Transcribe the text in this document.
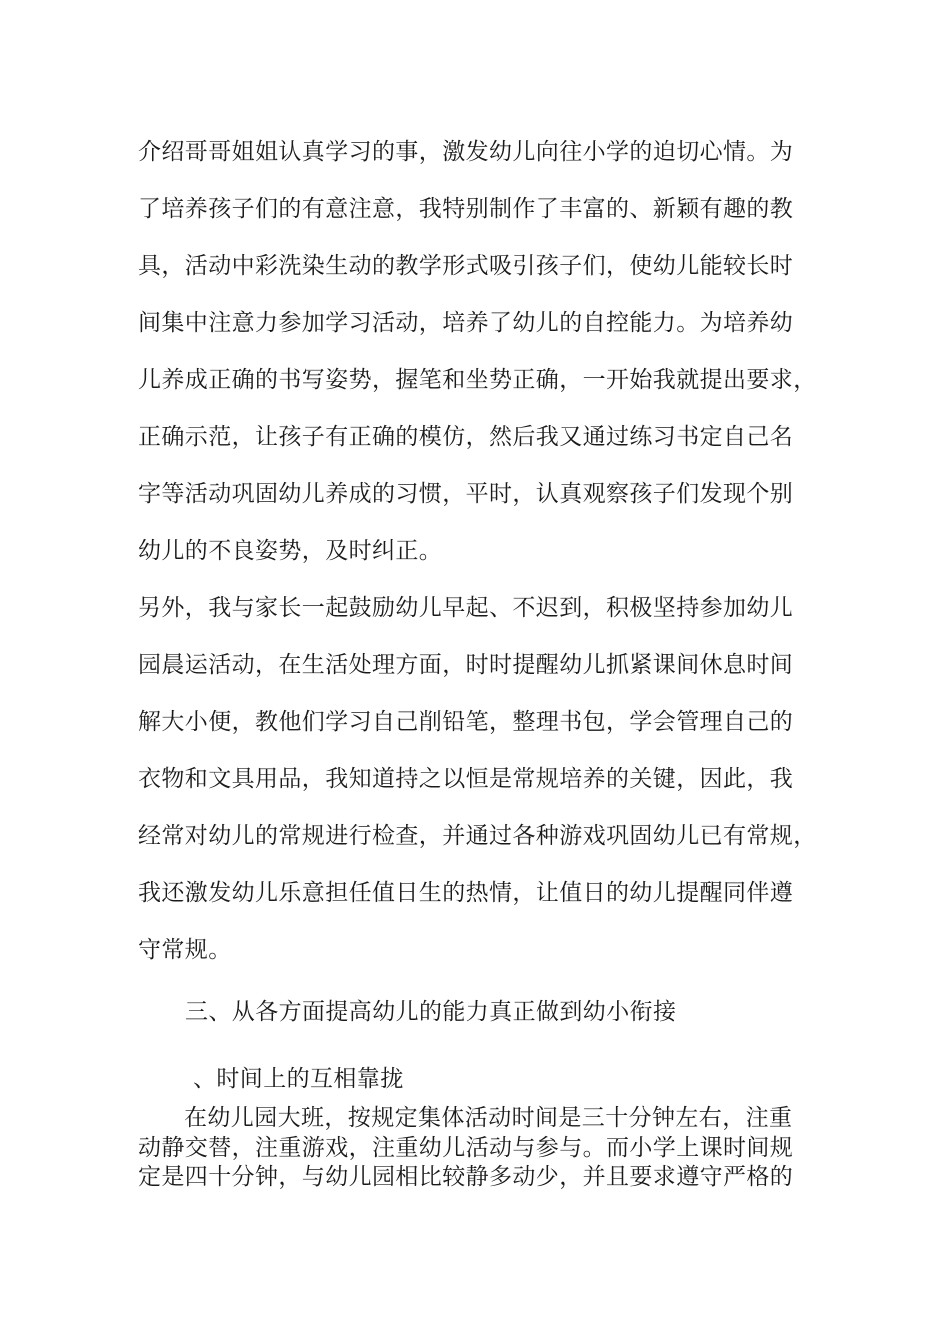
介绍哥哥姐姐认真学习的事，激发幼儿向往小学的迫切心情。为
了培养孩子们的有意注意，我特别制作了丰富的、新颖有趣的教
具，活动中彩洗染生动的教学形式吸引孩子们，使幼儿能较长时
间集中注意力参加学习活动，培养了幼儿的自控能力。为培养幼
儿养成正确的书写姿势，握笔和坐势正确，一开始我就提出要求，
正确示范，让孩子有正确的模仿，然后我又通过练习书定自己名
字等活动巩固幼儿养成的习惯，平时，认真观察孩子们发现个别
幼儿的不良姿势，及时纠正。
另外，我与家长一起鼓励幼儿早起、不迟到，积极坚持参加幼儿
园晨运活动，在生活处理方面，时时提醒幼儿抓紧课间休息时间
解大小便，教他们学习自己削铅笔，整理书包，学会管理自己的
衣物和文具用品，我知道持之以恒是常规培养的关键，因此，我
经常对幼儿的常规进行检查，并通过各种游戏巩固幼儿已有常规，
我还激发幼儿乐意担任值日生的热情，让值日的幼儿提醒同伴遵
守常规。
三、从各方面提高幼儿的能力真正做到幼小衔接
、时间上的互相靠拢
在幼儿园大班，按规定集体活动时间是三十分钟左右，注重
动静交替，注重游戏，注重幼儿活动与参与。而小学上课时间规
定是四十分钟，与幼儿园相比较静多动少，并且要求遵守严格的
